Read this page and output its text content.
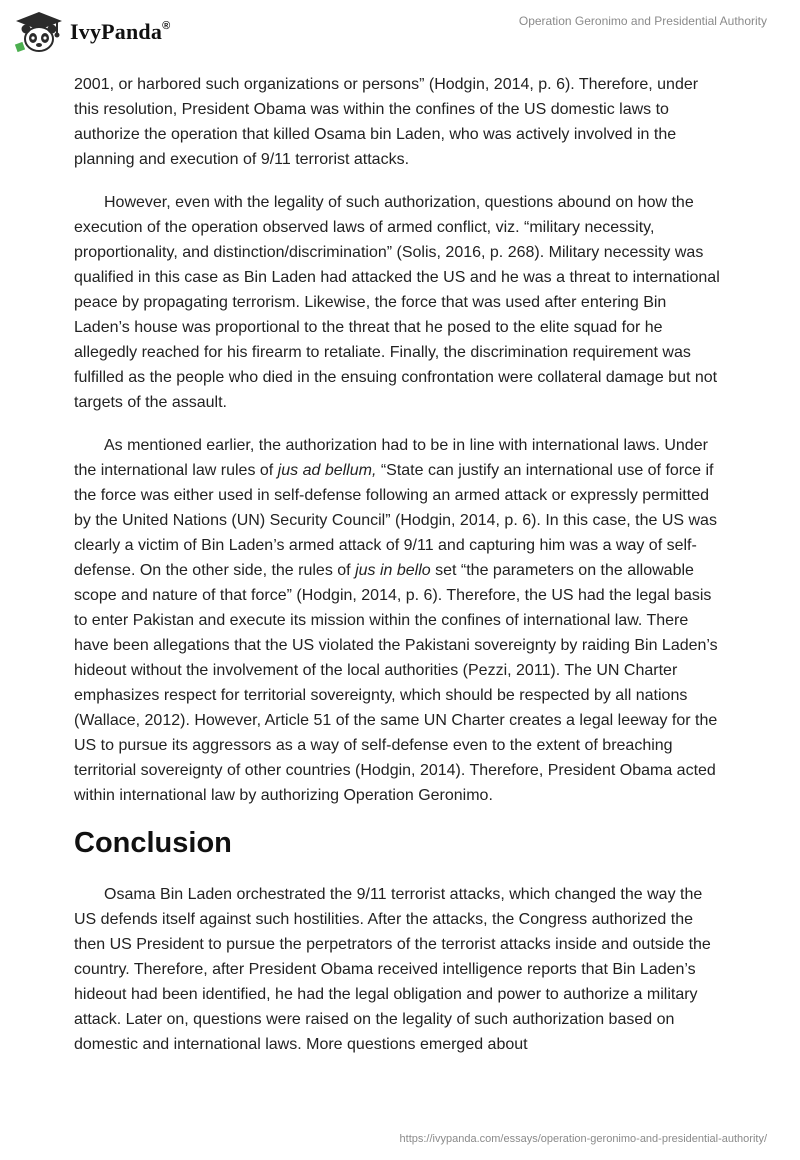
IvyPanda®	Operation Geronimo and Presidential Authority

2001, or harbored such organizations or persons” (Hodgin, 2014, p. 6). Therefore, under this resolution, President Obama was within the confines of the US domestic laws to authorize the operation that killed Osama bin Laden, who was actively involved in the planning and execution of 9/11 terrorist attacks.

However, even with the legality of such authorization, questions abound on how the execution of the operation observed laws of armed conflict, viz. “military necessity, proportionality, and distinction/discrimination” (Solis, 2016, p. 268). Military necessity was qualified in this case as Bin Laden had attacked the US and he was a threat to international peace by propagating terrorism. Likewise, the force that was used after entering Bin Laden’s house was proportional to the threat that he posed to the elite squad for he allegedly reached for his firearm to retaliate. Finally, the discrimination requirement was fulfilled as the people who died in the ensuing confrontation were collateral damage but not targets of the assault.

As mentioned earlier, the authorization had to be in line with international laws. Under the international law rules of jus ad bellum, “State can justify an international use of force if the force was either used in self-defense following an armed attack or expressly permitted by the United Nations (UN) Security Council” (Hodgin, 2014, p. 6). In this case, the US was clearly a victim of Bin Laden’s armed attack of 9/11 and capturing him was a way of self-defense. On the other side, the rules of jus in bello set “the parameters on the allowable scope and nature of that force” (Hodgin, 2014, p. 6). Therefore, the US had the legal basis to enter Pakistan and execute its mission within the confines of international law. There have been allegations that the US violated the Pakistani sovereignty by raiding Bin Laden’s hideout without the involvement of the local authorities (Pezzi, 2011). The UN Charter emphasizes respect for territorial sovereignty, which should be respected by all nations (Wallace, 2012). However, Article 51 of the same UN Charter creates a legal leeway for the US to pursue its aggressors as a way of self-defense even to the extent of breaching territorial sovereignty of other countries (Hodgin, 2014). Therefore, President Obama acted within international law by authorizing Operation Geronimo.

Conclusion

Osama Bin Laden orchestrated the 9/11 terrorist attacks, which changed the way the US defends itself against such hostilities. After the attacks, the Congress authorized the then US President to pursue the perpetrators of the terrorist attacks inside and outside the country. Therefore, after President Obama received intelligence reports that Bin Laden’s hideout had been identified, he had the legal obligation and power to authorize a military attack. Later on, questions were raised on the legality of such authorization based on domestic and international laws. More questions emerged about

https://ivypanda.com/essays/operation-geronimo-and-presidential-authority/
